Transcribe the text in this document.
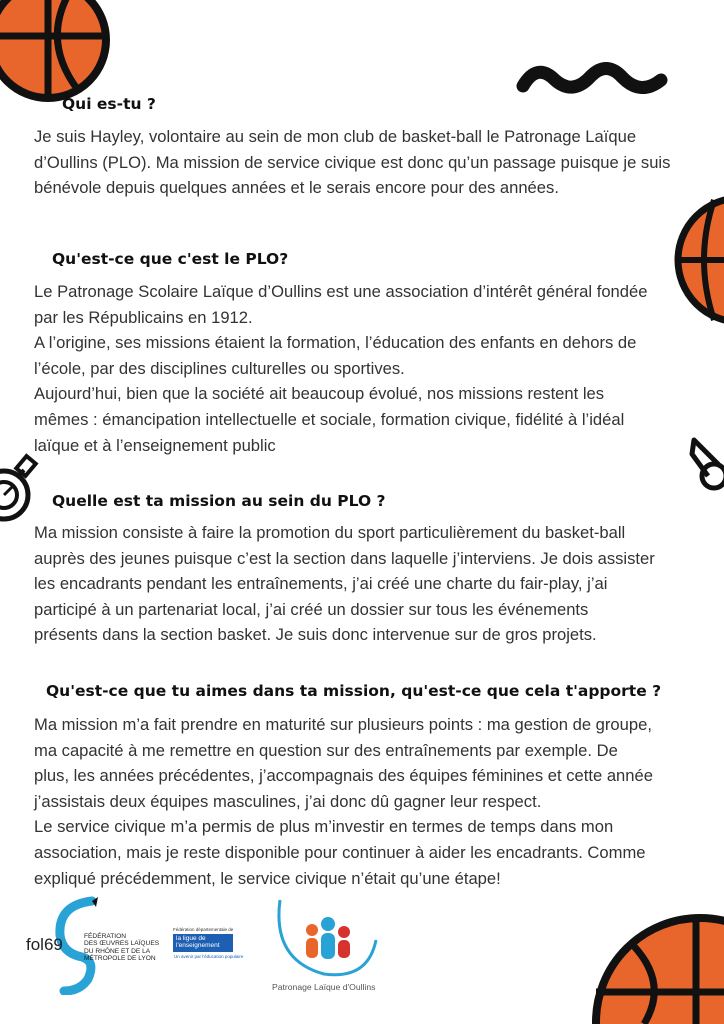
Qui es-tu ?
Je suis Hayley, volontaire au sein de mon club de basket-ball le Patronage Laïque
d’Oullins (PLO). Ma mission de service civique est donc qu’un passage puisque je suis
bénévole depuis quelques années et le serais encore pour des années.
Qu'est-ce que c'est le PLO?
Le Patronage Scolaire Laïque d’Oullins est une association d’intérêt général fondée
par les Républicains en 1912.
A l’origine, ses missions étaient la formation, l’éducation des enfants en dehors de
l’école, par des disciplines culturelles ou sportives.
Aujourd’hui, bien que la société ait beaucoup évolué, nos missions restent les
mêmes : émancipation intellectuelle et sociale, formation civique, fidélité à l’idéal
laïque et à l’enseignement public
Quelle est ta mission au sein du PLO ?
Ma mission consiste à faire la promotion du sport particulièrement du basket-ball
auprès des jeunes puisque c’est la section dans laquelle j’interviens. Je dois assister
les encadrants pendant les entraînements, j’ai créé une charte du fair-play, j’ai
participé à un partenariat local, j’ai créé un dossier sur tous les événements
présents dans la section basket. Je suis donc intervenue sur de gros projets.
Qu'est-ce que tu aimes dans ta mission, qu'est-ce que cela t'apporte ?
Ma mission m’a fait prendre en maturité sur plusieurs points : ma gestion de groupe,
ma capacité à me remettre en question sur des entraînements par exemple. De
plus, les années précédentes, j’accompagnais des équipes féminines et cette année
j’assistais deux équipes masculines, j’ai donc dû gagner leur respect.
Le service civique m’a permis de plus m’investir en termes de temps dans mon
association, mais je reste disponible pour continuer à aider les encadrants. Comme
expliqué précédemment, le service civique n’était qu’une étape!
fol69	FÉDÉRATION
DES ŒUVRES LAÏQUES
DU RHÔNE ET DE LA
MÉTROPOLE DE LYON
Fédération départementale de
la ligue de
l'enseignement
Un avenir par l'éducation populaire
Patronage Laïque d'Oullins
